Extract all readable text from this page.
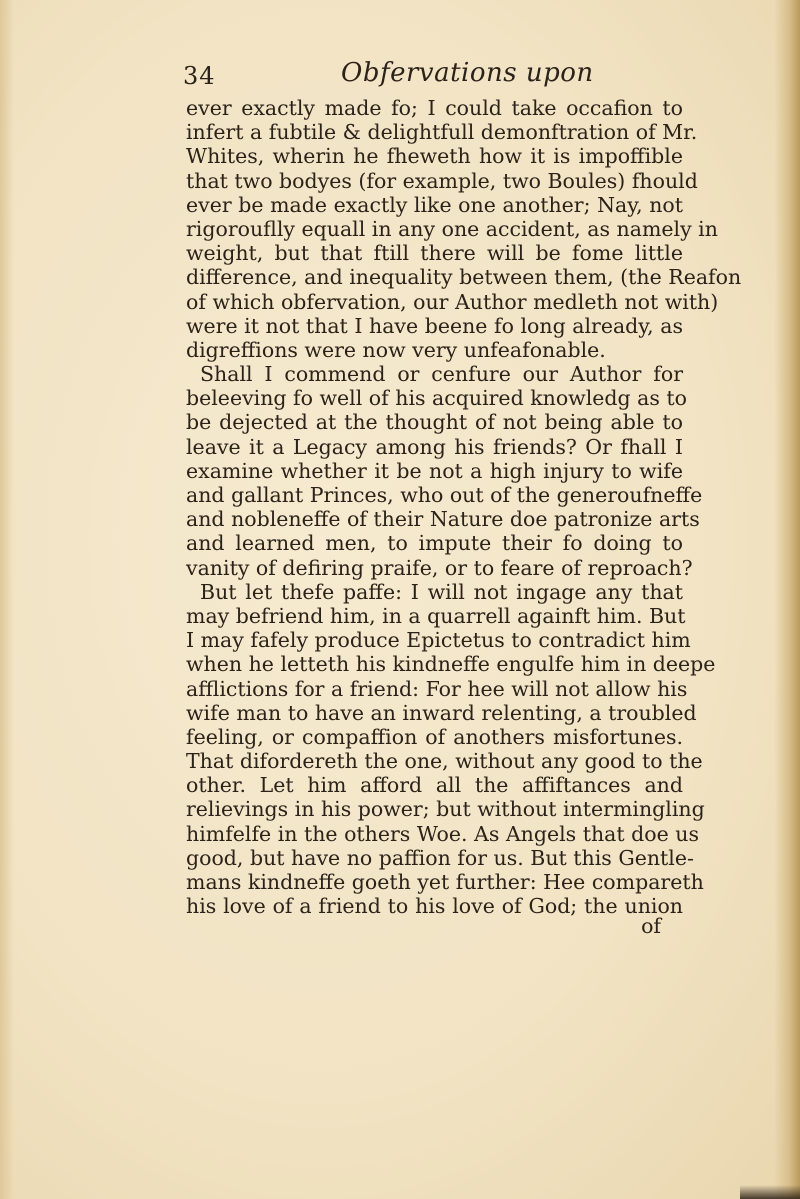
34	Obfervations upon
ever exactly made fo; I could take occafion to
infert a fubtile & delightfull demonftration of Mr.
Whites, wherin he fheweth how it is impoffible
that two bodyes (for example, two Boules) fhould
ever be made exactly like one another; Nay, not
rigorouflly equall in any one accident, as namely in
weight, but that ftill there will be fome little
difference, and inequality between them, (the Reafon
of which obfervation, our Author medleth not with)
were it not that I have beene fo long already, as
digreffions were now very unfeafonable.
Shall I commend or cenfure our Author for
beleeving fo well of his acquired knowledg as to
be dejected at the thought of not being able to
leave it a Legacy among his friends? Or fhall I
examine whether it be not a high injury to wife
and gallant Princes, who out of the generoufneffe
and nobleneffe of their Nature doe patronize arts
and learned men, to impute their fo doing to
vanity of defiring praife, or to feare of reproach?
But let thefe paffe: I will not ingage any that
may befriend him, in a quarrell againft him. But
I may fafely produce Epictetus to contradict him
when he letteth his kindneffe engulfe him in deepe
afflictions for a friend: For hee will not allow his
wife man to have an inward relenting, a troubled
feeling, or compaffion of anothers misfortunes.
That difordereth the one, without any good to the
other. Let him afford all the affiftances and
relievings in his power; but without intermingling
himfelfe in the others Woe. As Angels that doe us
good, but have no paffion for us. But this Gentle-
mans kindneffe goeth yet further: Hee compareth
his love of a friend to his love of God; the union
of
